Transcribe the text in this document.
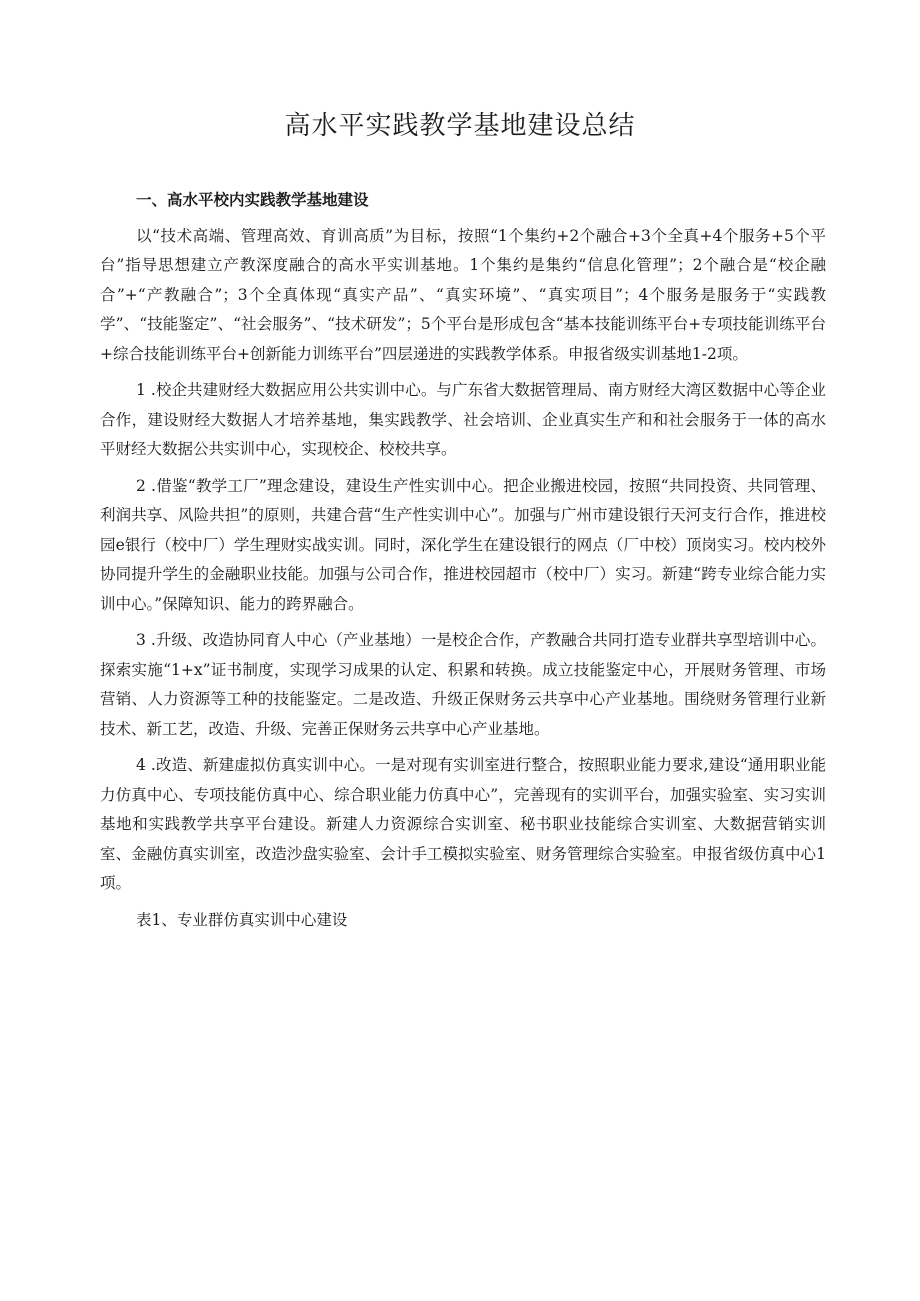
高水平实践教学基地建设总结

一、高水平校内实践教学基地建设

以“技术高端、管理高效、育训高质”为目标，按照“1个集约+2个融合+3个全真+4个服务+5个平台”指导思想建立产教深度融合的高水平实训基地。1个集约是集约“信息化管理”；2个融合是“校企融合”+“产教融合”；3个全真体现“真实产品”、“真实环境”、“真实项目”；4个服务是服务于“实践教学”、“技能鉴定”、“社会服务”、“技术研发”；5个平台是形成包含“基本技能训练平台+专项技能训练平台+综合技能训练平台+创新能力训练平台”四层递进的实践教学体系。申报省级实训基地1-2项。

1 .校企共建财经大数据应用公共实训中心。与广东省大数据管理局、南方财经大湾区数据中心等企业合作，建设财经大数据人才培养基地，集实践教学、社会培训、企业真实生产和和社会服务于一体的高水平财经大数据公共实训中心，实现校企、校校共享。

2 .借鉴“教学工厂”理念建设，建设生产性实训中心。把企业搬进校园，按照“共同投资、共同管理、利润共享、风险共担”的原则，共建合营“生产性实训中心”。加强与广州市建设银行天河支行合作，推进校园e银行（校中厂）学生理财实战实训。同时，深化学生在建设银行的网点（厂中校）顶岗实习。校内校外协同提升学生的金融职业技能。加强与公司合作，推进校园超市（校中厂）实习。新建“跨专业综合能力实训中心。”保障知识、能力的跨界融合。

3 .升级、改造协同育人中心（产业基地）一是校企合作，产教融合共同打造专业群共享型培训中心。探索实施“1+x”证书制度，实现学习成果的认定、积累和转换。成立技能鉴定中心，开展财务管理、市场营销、人力资源等工种的技能鉴定。二是改造、升级正保财务云共享中心产业基地。围绕财务管理行业新技术、新工艺，改造、升级、完善正保财务云共享中心产业基地。

4 .改造、新建虚拟仿真实训中心。一是对现有实训室进行整合，按照职业能力要求,建设“通用职业能力仿真中心、专项技能仿真中心、综合职业能力仿真中心”，完善现有的实训平台，加强实验室、实习实训基地和实践教学共享平台建设。新建人力资源综合实训室、秘书职业技能综合实训室、大数据营销实训室、金融仿真实训室，改造沙盘实验室、会计手工模拟实验室、财务管理综合实验室。申报省级仿真中心1项。

表1、专业群仿真实训中心建设
